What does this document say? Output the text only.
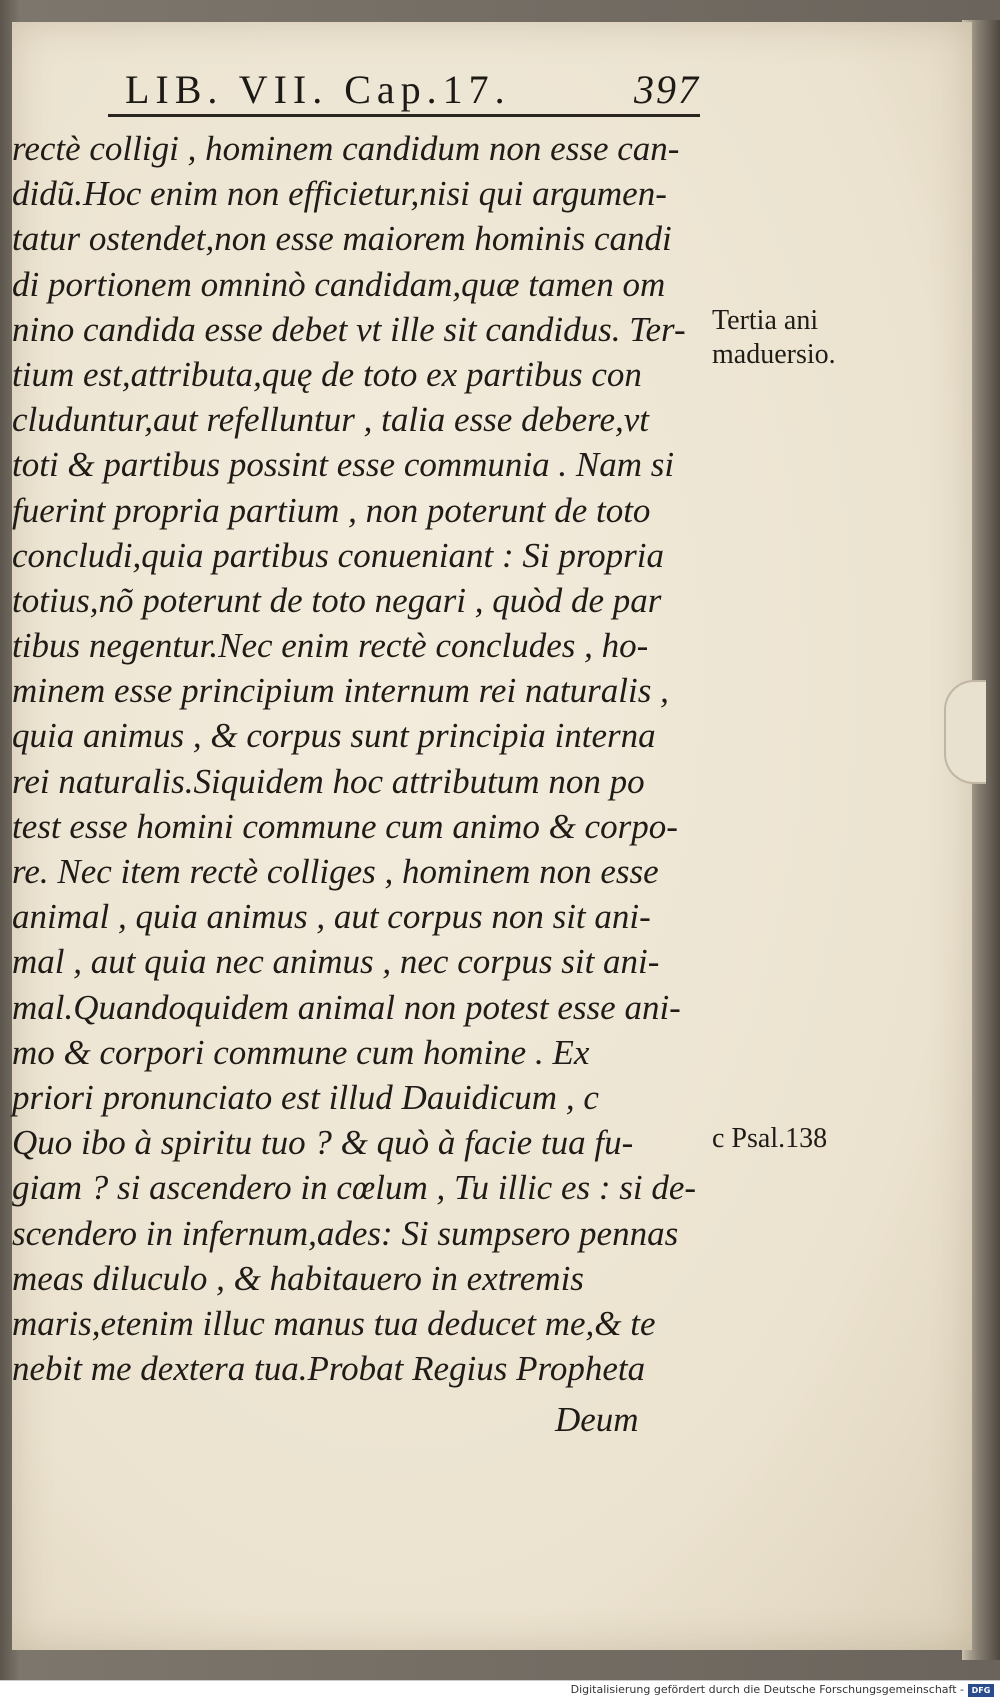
LIB. VII. Cap.17.	397
rectè colligi , hominem candidum non esse can-
didũ.Hoc enim non efficietur,nisi qui argumen-
tatur ostendet,non esse maiorem hominis candi
di portionem omninò candidam,quæ tamen om
nino candida esse debet vt ille sit candidus. Ter-
tium est,attributa,quę de toto ex partibus con
cluduntur,aut refelluntur , talia esse debere,vt
toti & partibus possint esse communia . Nam si
fuerint propria partium , non poterunt de toto
concludi,quia partibus conueniant : Si propria
totius,nõ poterunt de toto negari , quòd de par
tibus negentur.Nec enim rectè concludes , ho-
minem esse principium internum rei naturalis ,
quia animus , & corpus sunt principia interna
rei naturalis.Siquidem hoc attributum non po
test esse homini commune cum animo & corpo-
re. Nec item rectè colliges , hominem non esse
animal , quia animus , aut corpus non sit ani-
mal , aut quia nec animus , nec corpus sit ani-
mal.Quandoquidem animal non potest esse ani-
mo & corpori commune cum homine . Ex
priori pronunciato est illud Dauidicum , c
Quo ibo à spiritu tuo ? & quò à facie tua fu-
giam ? si ascendero in cœlum , Tu illic es : si de-
scendero in infernum,ades: Si sumpsero pennas
meas diluculo , & habitauero in extremis
maris,etenim illuc manus tua deducet me,& te
nebit me dextera tua.Probat Regius Propheta
Deum
Tertia ani
maduersio.
c Psal.138
Digitalisierung gefördert durch die Deutsche Forschungsgemeinschaft - DFG
